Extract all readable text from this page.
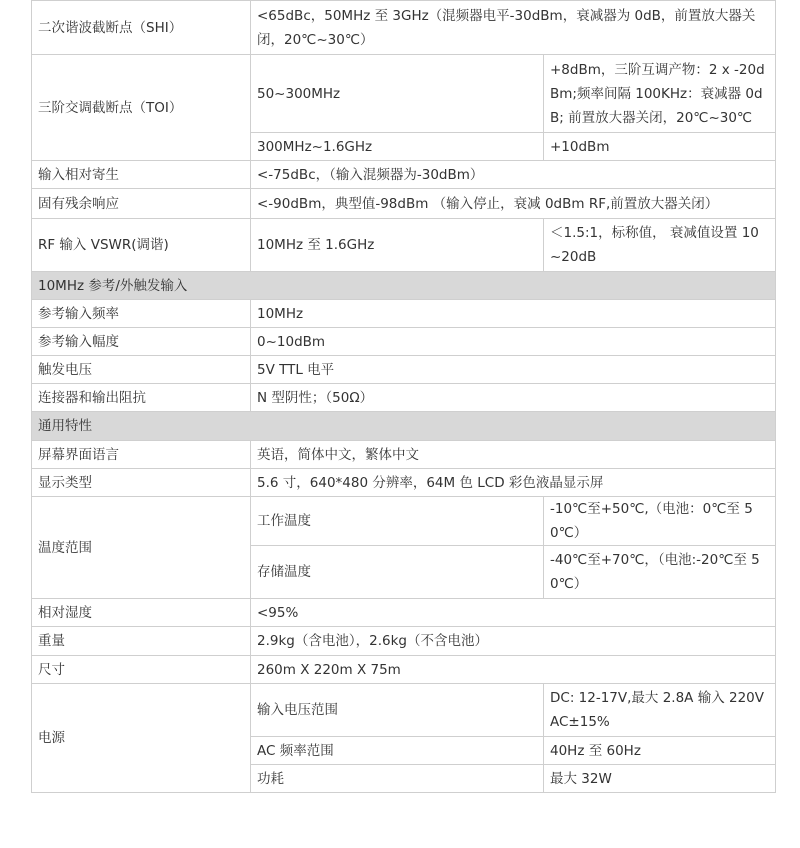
二次谐波截断点（SHI）	<65dBc，50MHz 至 3GHz（混频器电平-30dBm，衰减器为 0dB，前置放大器关闭，20℃~30℃）	
三阶交调截断点（TOI）	50~300MHz	+8dBm，三阶互调产物：2 x -20dBm;频率间隔 100KHz：衰减器 0dB; 前置放大器关闭，20℃~30℃
	300MHz~1.6GHz	+10dBm
输入相对寄生	<-75dBc，（输入混频器为-30dBm）	
固有残余响应	<-90dBm，典型值-98dBm （输入停止，衰减 0dBm RF,前置放大器关闭）	
RF 输入 VSWR(调谐)	10MHz 至 1.6GHz	＜1.5:1，标称值， 衰减值设置 10~20dB
10MHz 参考/外触发输入		
参考输入频率	10MHz	
参考输入幅度	0~10dBm	
触发电压	5V TTL 电平	
连接器和输出阻抗	N 型阴性；（50Ω）	
通用特性		
屏幕界面语言	英语，简体中文，繁体中文	
显示类型	5.6 寸，640*480 分辨率，64M 色 LCD 彩色液晶显示屏	
温度范围	工作温度	-10℃至+50℃,（电池：0℃至 50℃）
	存储温度	-40℃至+70℃，（电池:-20℃至 50℃）
相对湿度	<95%	
重量	2.9kg（含电池），2.6kg（不含电池）	
尺寸	260m X 220m X 75m	
电源	输入电压范围	DC: 12-17V,最大 2.8A 输入 220VAC±15%
	AC 频率范围	40Hz 至 60Hz
	功耗	最大 32W
